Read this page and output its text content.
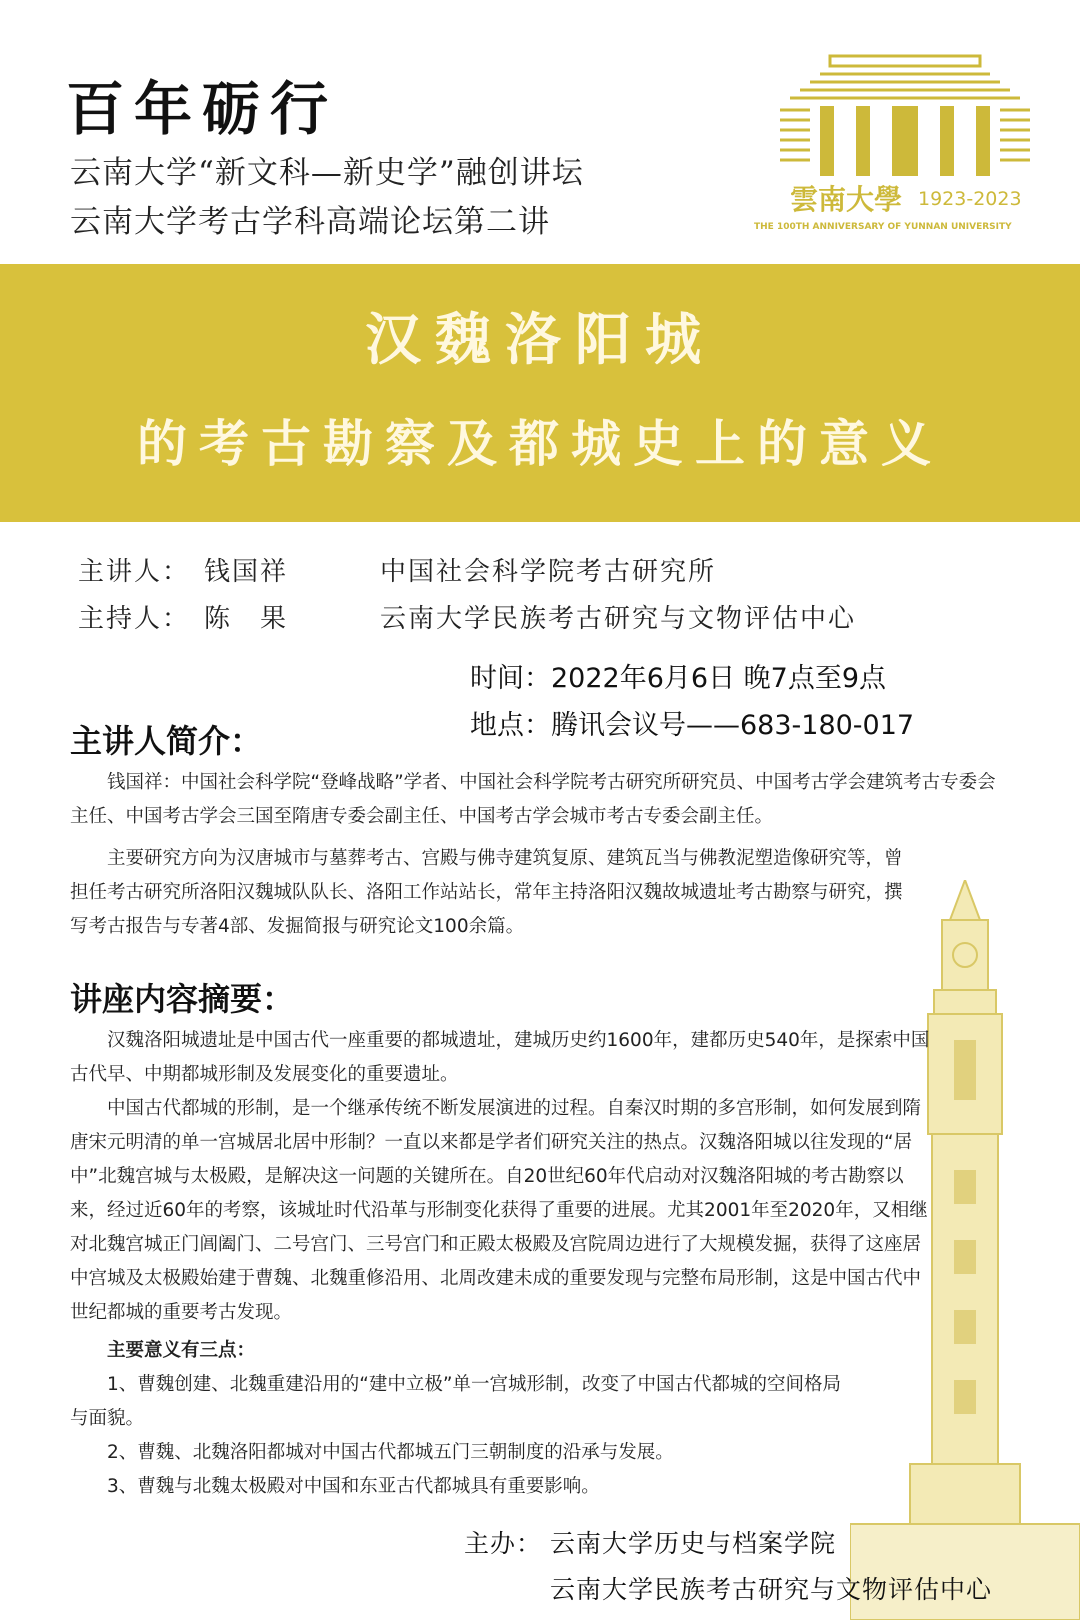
百年砺行
云南大学“新文科—新史学”融创讲坛
云南大学考古学科高端论坛第二讲
雲南大學 1923-2023
THE 100TH ANNIVERSARY OF YUNNAN UNIVERSITY
汉魏洛阳城
的考古勘察及都城史上的意义
主讲人： 钱国祥	中国社会科学院考古研究所
主持人： 陈　果	云南大学民族考古研究与文物评估中心
时间：2022年6月6日 晚7点至9点
地点：腾讯会议号——683-180-017
主讲人简介：

钱国祥：中国社会科学院“登峰战略”学者、中国社会科学院考古研究所研究员、中国考古学会建筑考古专委会主任、中国考古学会三国至隋唐专委会副主任、中国考古学会城市考古专委会副主任。

主要研究方向为汉唐城市与墓葬考古、宫殿与佛寺建筑复原、建筑瓦当与佛教泥塑造像研究等，曾担任考古研究所洛阳汉魏城队队长、洛阳工作站站长，常年主持洛阳汉魏故城遗址考古勘察与研究，撰写考古报告与专著4部、发掘简报与研究论文100余篇。

讲座内容摘要：

汉魏洛阳城遗址是中国古代一座重要的都城遗址，建城历史约1600年，建都历史540年，是探索中国古代早、中期都城形制及发展变化的重要遗址。

中国古代都城的形制，是一个继承传统不断发展演进的过程。自秦汉时期的多宫形制，如何发展到隋唐宋元明清的单一宫城居北居中形制？一直以来都是学者们研究关注的热点。汉魏洛阳城以往发现的“居中”北魏宫城与太极殿，是解决这一问题的关键所在。自20世纪60年代启动对汉魏洛阳城的考古勘察以来，经过近60年的考察，该城址时代沿革与形制变化获得了重要的进展。尤其2001年至2020年，又相继对北魏宫城正门阊阖门、二号宫门、三号宫门和正殿太极殿及宫院周边进行了大规模发掘，获得了这座居中宫城及太极殿始建于曹魏、北魏重修沿用、北周改建未成的重要发现与完整布局形制，这是中国古代中世纪都城的重要考古发现。

主要意义有三点：

1、曹魏创建、北魏重建沿用的“建中立极”单一宫城形制，改变了中国古代都城的空间格局与面貌。

2、曹魏、北魏洛阳都城对中国古代都城五门三朝制度的沿承与发展。

3、曹魏与北魏太极殿对中国和东亚古代都城具有重要影响。

主办： 云南大学历史与档案学院
云南大学民族考古研究与文物评估中心
